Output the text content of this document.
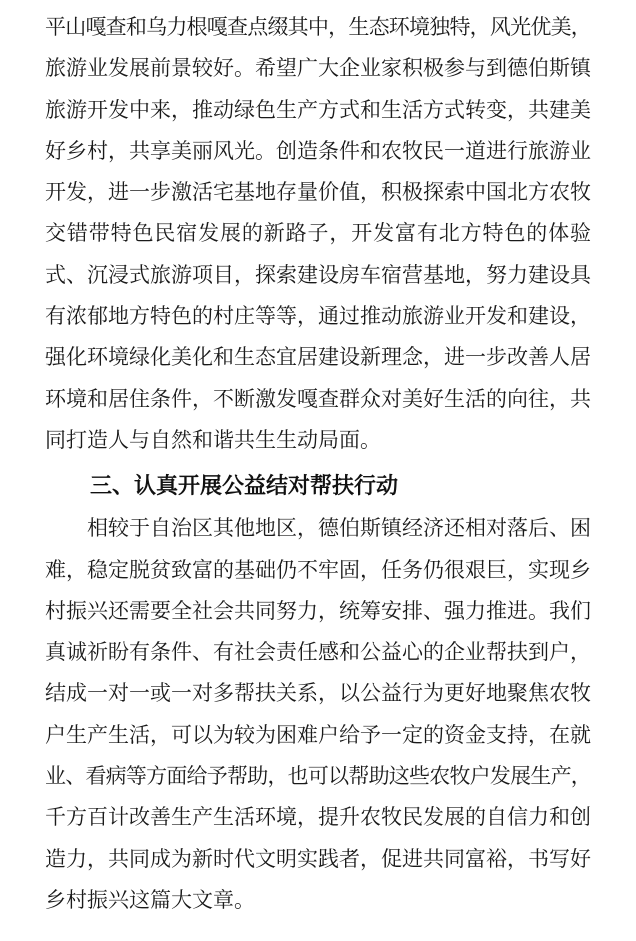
平山嘎查和乌力根嘎查点缀其中，生态环境独特，风光优美，
旅游业发展前景较好。希望广大企业家积极参与到德伯斯镇
旅游开发中来，推动绿色生产方式和生活方式转变，共建美
好乡村，共享美丽风光。创造条件和农牧民一道进行旅游业
开发，进一步激活宅基地存量价值，积极探索中国北方农牧
交错带特色民宿发展的新路子，开发富有北方特色的体验
式、沉浸式旅游项目，探索建设房车宿营基地，努力建设具
有浓郁地方特色的村庄等等，通过推动旅游业开发和建设，
强化环境绿化美化和生态宜居建设新理念，进一步改善人居
环境和居住条件，不断激发嘎查群众对美好生活的向往，共
同打造人与自然和谐共生生动局面。
三、认真开展公益结对帮扶行动
相较于自治区其他地区，德伯斯镇经济还相对落后、困
难，稳定脱贫致富的基础仍不牢固，任务仍很艰巨，实现乡
村振兴还需要全社会共同努力，统筹安排、强力推进。我们
真诚祈盼有条件、有社会责任感和公益心的企业帮扶到户，
结成一对一或一对多帮扶关系，以公益行为更好地聚焦农牧
户生产生活，可以为较为困难户给予一定的资金支持，在就
业、看病等方面给予帮助，也可以帮助这些农牧户发展生产，
千方百计改善生产生活环境，提升农牧民发展的自信力和创
造力，共同成为新时代文明实践者，促进共同富裕，书写好
乡村振兴这篇大文章。
